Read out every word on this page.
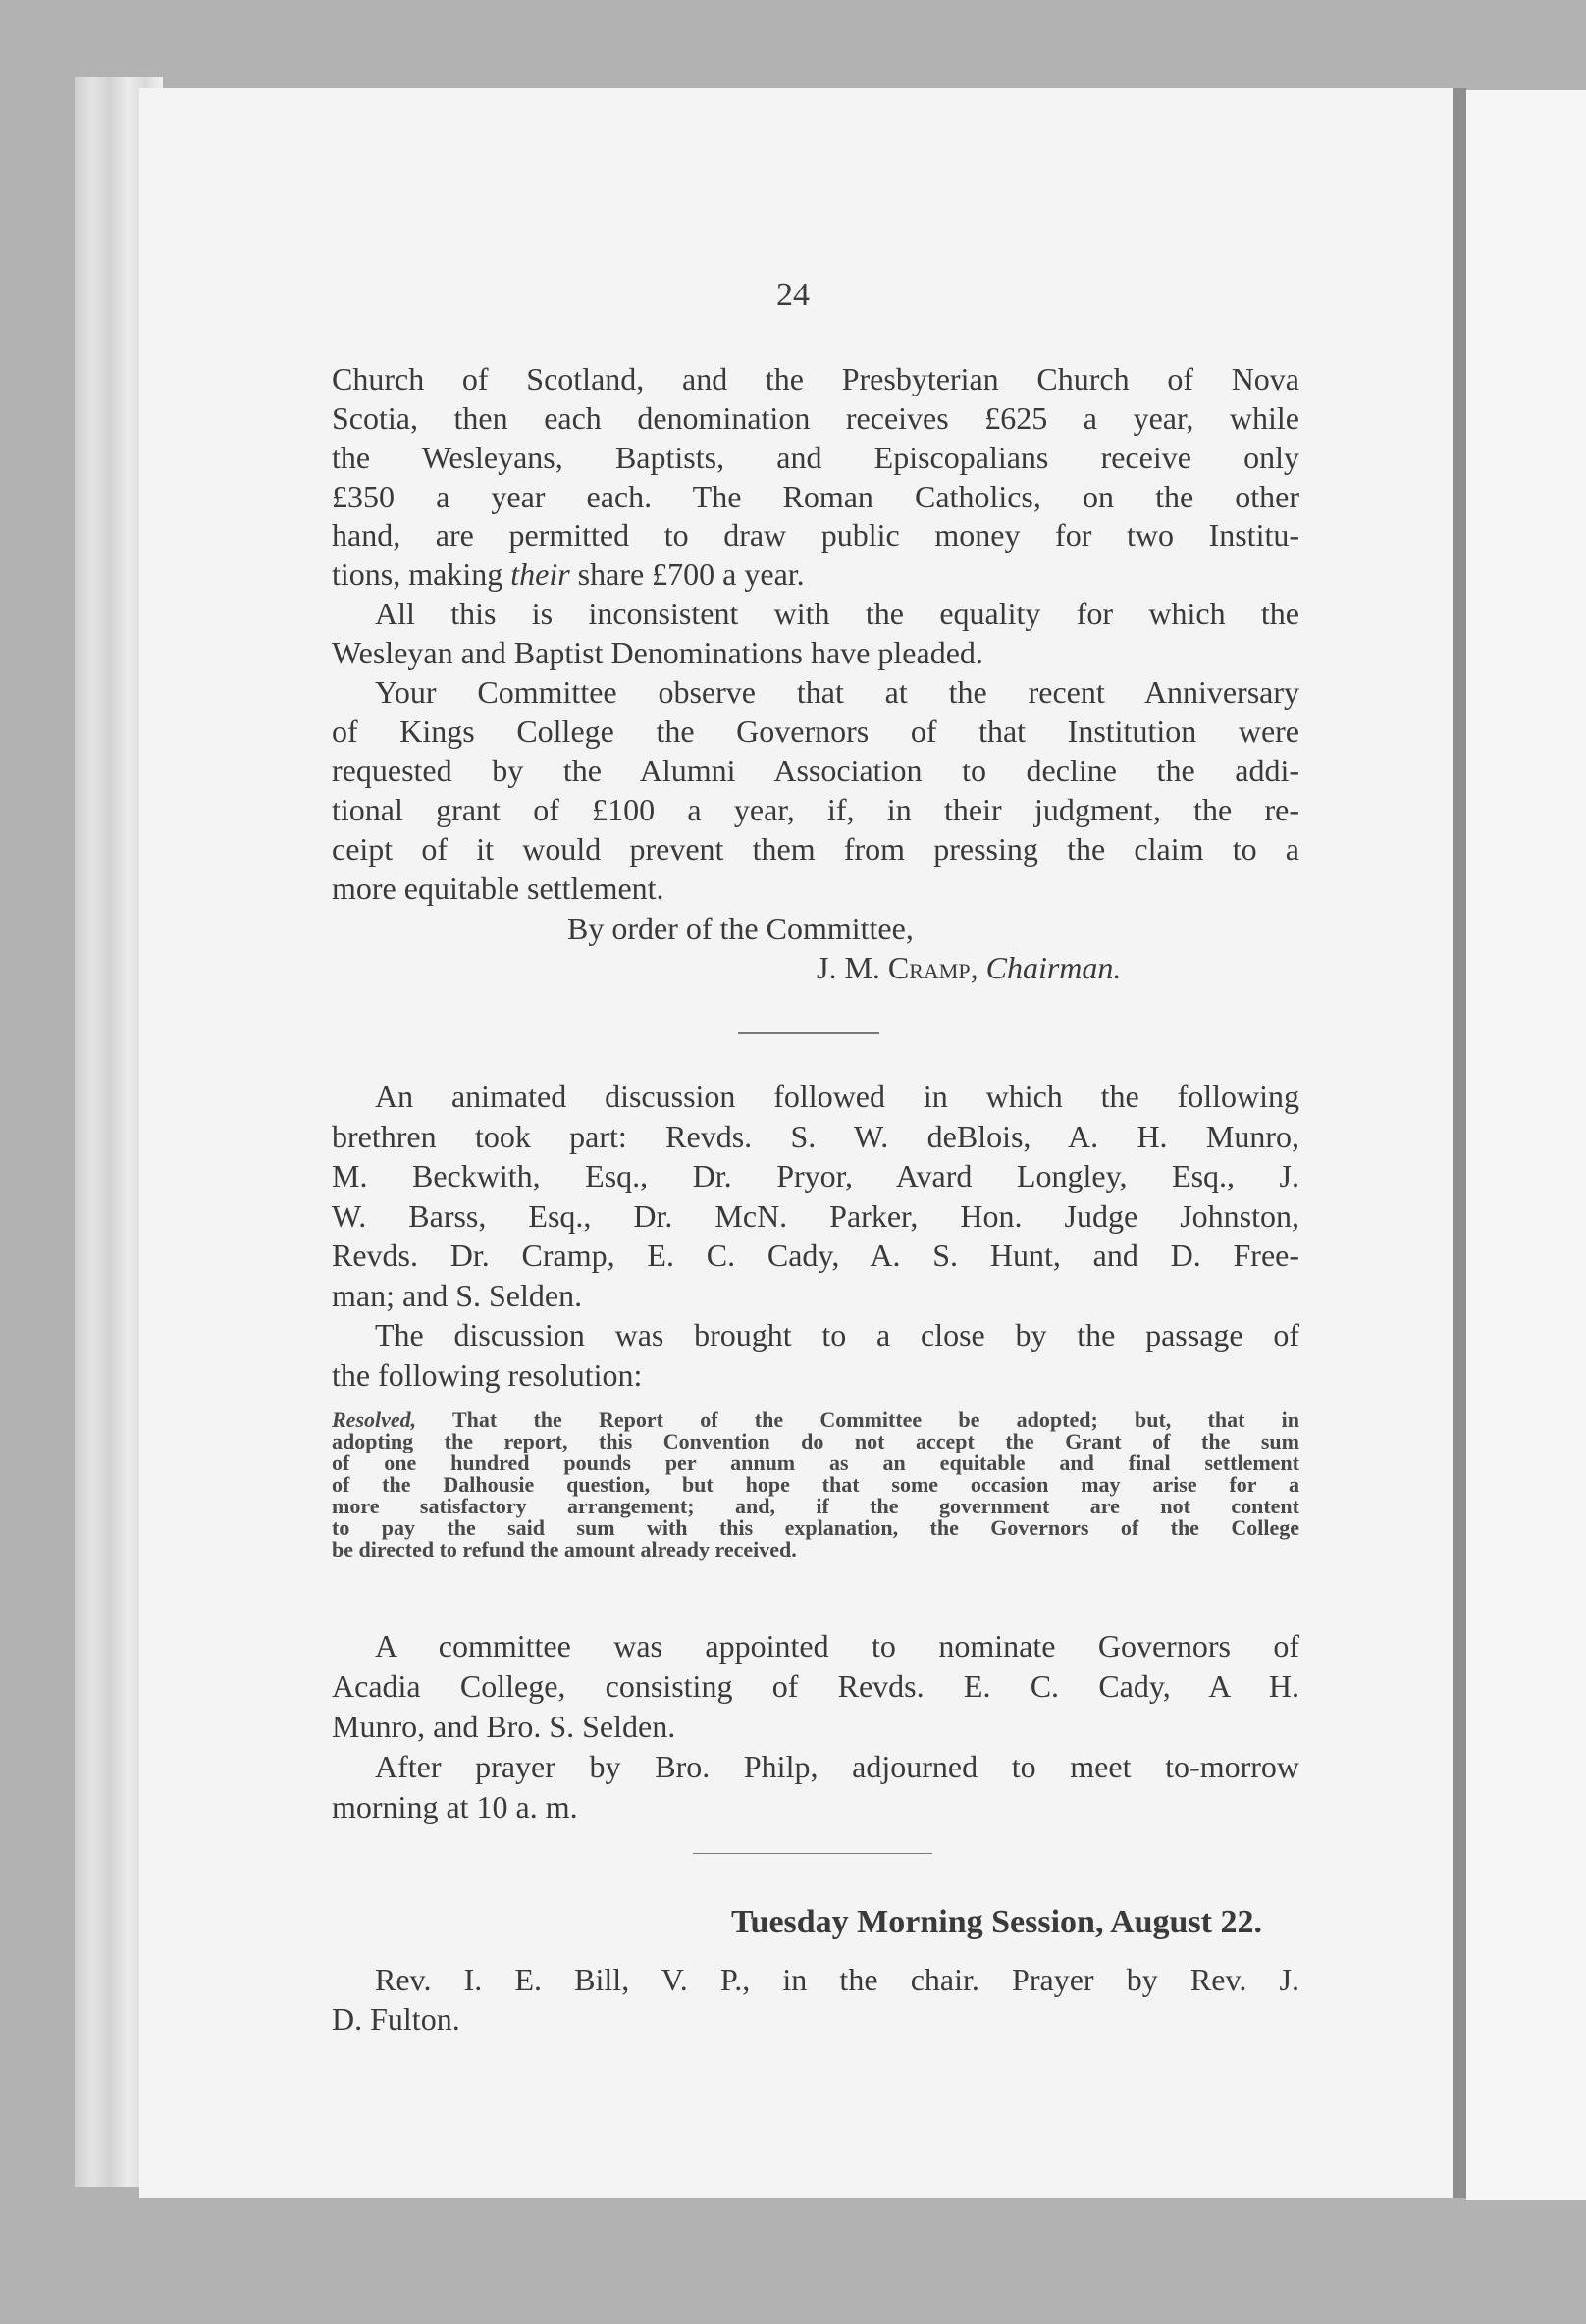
24
Church of Scotland, and the Presbyterian Church of Nova
Scotia, then each denomination receives £625 a year, while
the Wesleyans, Baptists, and Episcopalians receive only
£350 a year each. The Roman Catholics, on the other
hand, are permitted to draw public money for two Institu-
tions, making their share £700 a year.
All this is inconsistent with the equality for which the
Wesleyan and Baptist Denominations have pleaded.
Your Committee observe that at the recent Anniversary
of Kings College the Governors of that Institution were
requested by the Alumni Association to decline the addi-
tional grant of £100 a year, if, in their judgment, the re-
ceipt of it would prevent them from pressing the claim to a
more equitable settlement.
By order of the Committee,
J. M. Cramp, Chairman.
An animated discussion followed in which the following
brethren took part: Revds. S. W. deBlois, A. H. Munro,
M. Beckwith, Esq., Dr. Pryor, Avard Longley, Esq., J.
W. Barss, Esq., Dr. McN. Parker, Hon. Judge Johnston,
Revds. Dr. Cramp, E. C. Cady, A. S. Hunt, and D. Free-
man; and S. Selden.
The discussion was brought to a close by the passage of
the following resolution:
Resolved, That the Report of the Committee be adopted; but, that in
adopting the report, this Convention do not accept the Grant of the sum
of one hundred pounds per annum as an equitable and final settlement
of the Dalhousie question, but hope that some occasion may arise for a
more satisfactory arrangement; and, if the government are not content
to pay the said sum with this explanation, the Governors of the College
be directed to refund the amount already received.
A committee was appointed to nominate Governors of
Acadia College, consisting of Revds. E. C. Cady, A H.
Munro, and Bro. S. Selden.
After prayer by Bro. Philp, adjourned to meet to-morrow
morning at 10 a. m.
Tuesday Morning Session, August 22.
Rev. I. E. Bill, V. P., in the chair. Prayer by Rev. J.
D. Fulton.
